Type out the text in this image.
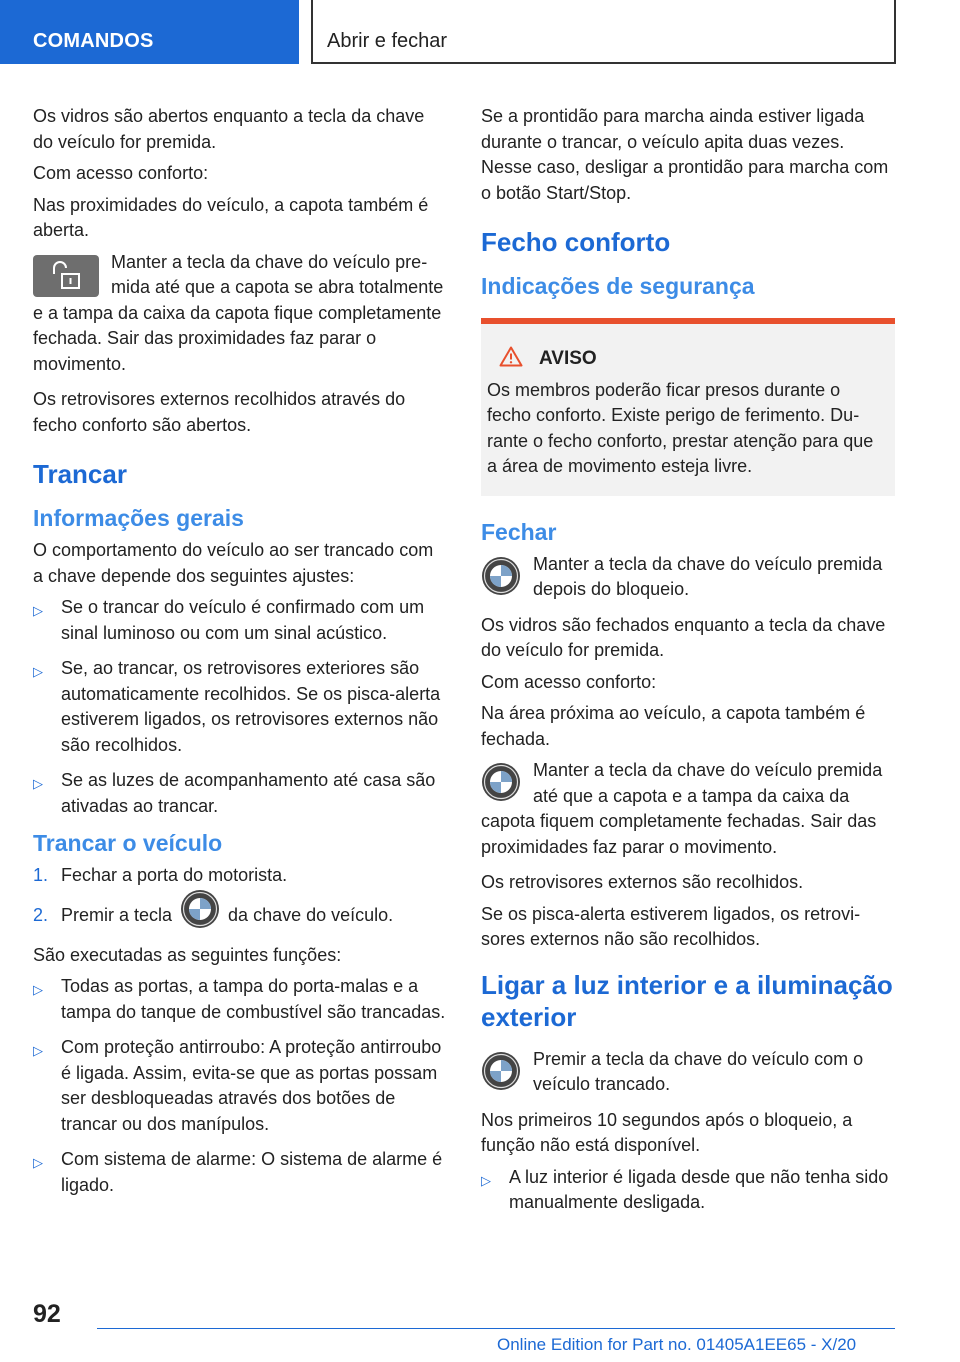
COMANDOS	Abrir e fechar

Os vidros são abertos enquanto a tecla da chave do veículo for premida.

Com acesso conforto:

Nas proximidades do veículo, a capota também é aberta.

Manter a tecla da chave do veículo premida até que a capota se abra totalmente e a tampa da caixa da capota fique completamente fechada. Sair das proximidades faz parar o movimento.

Os retrovisores externos recolhidos através do fecho conforto são abertos.

Trancar
Informações gerais

O comportamento do veículo ao ser trancado com a chave depende dos seguintes ajustes:

▷ Se o trancar do veículo é confirmado com um sinal luminoso ou com um sinal acústico.
▷ Se, ao trancar, os retrovisores exteriores são automaticamente recolhidos. Se os pisca-alerta estiverem ligados, os retrovisores externos não são recolhidos.
▷ Se as luzes de acompanhamento até casa são ativadas ao trancar.
Trancar o veículo
1. Fechar a porta do motorista.
2. Premir a tecla	da chave do veículo.

São executadas as seguintes funções:

▷ Todas as portas, a tampa do porta-malas e a tampa do tanque de combustível são trancadas.
▷ Com proteção antirroubo: A proteção antirroubo é ligada. Assim, evita-se que as portas possam ser desbloqueadas através dos botões de trancar ou dos manípulos.
▷ Com sistema de alarme: O sistema de alarme é ligado.

Se a prontidão para marcha ainda estiver ligada durante o trancar, o veículo apita duas vezes. Nesse caso, desligar a prontidão para marcha com o botão Start/Stop.

Fecho conforto
Indicações de segurança
AVISO

Os membros poderão ficar presos durante o fecho conforto. Existe perigo de ferimento. Durante o fecho conforto, prestar atenção para que a área de movimento esteja livre.

Fechar
Manter a tecla da chave do veículo premida depois do bloqueio.

Os vidros são fechados enquanto a tecla da chave do veículo for premida.

Com acesso conforto:

Na área próxima ao veículo, a capota também é fechada.

Manter a tecla da chave do veículo premida até que a capota e a tampa da caixa da capota fiquem completamente fechadas. Sair das proximidades faz parar o movimento.

Os retrovisores externos são recolhidos.

Se os pisca-alerta estiverem ligados, os retrovisores externos não são recolhidos.

Ligar a luz interior e a iluminação exterior
Premir a tecla da chave do veículo com o veículo trancado.

Nos primeiros 10 segundos após o bloqueio, a função não está disponível.

▷ A luz interior é ligada desde que não tenha sido manualmente desligada.
92
Online Edition for Part no. 01405A1EE65 - X/20
